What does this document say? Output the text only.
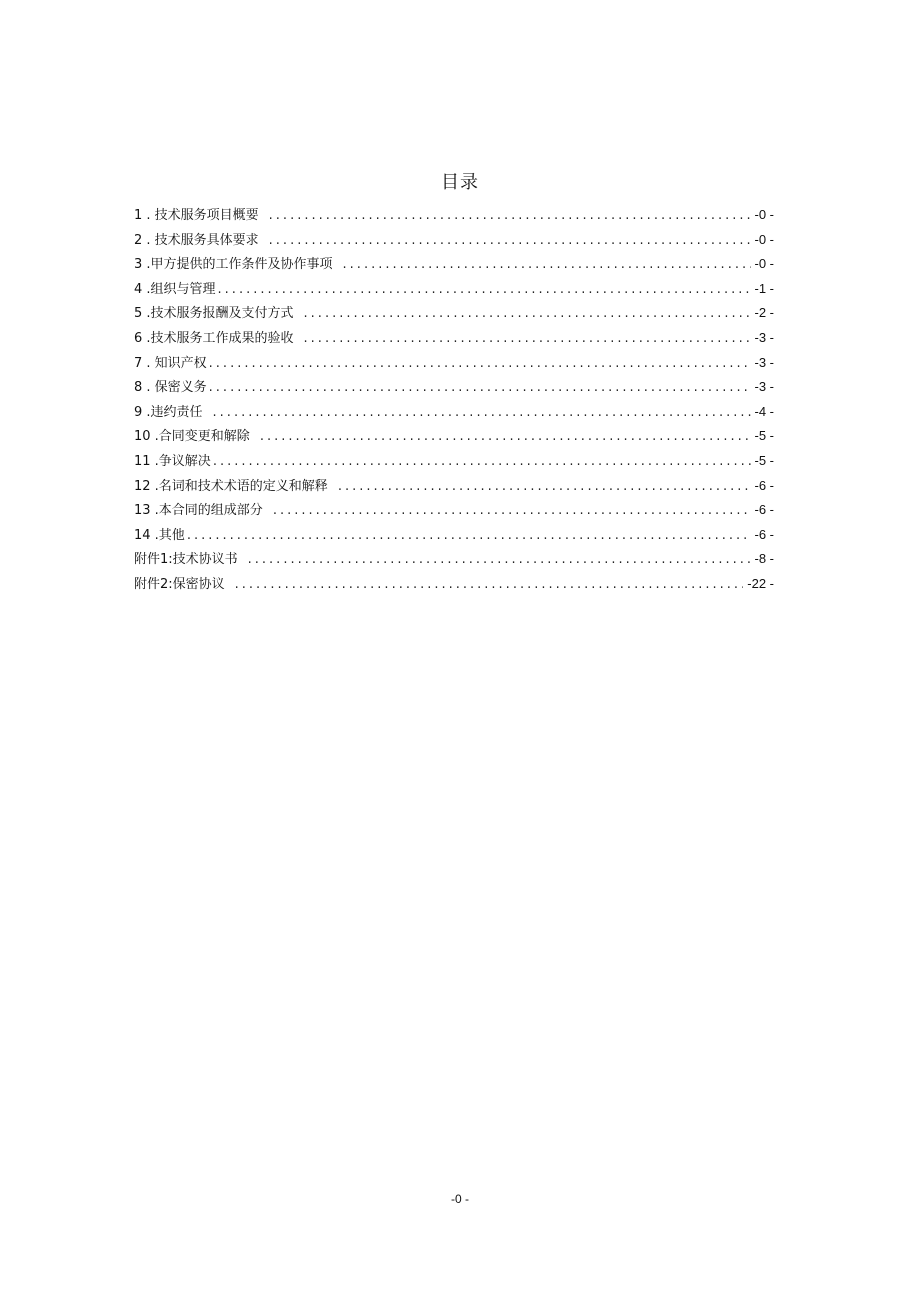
目录
1 . 技术服务项目概要 .....	-0 -
2 . 技术服务具体要求 .....	-0 -
3 .甲方提供的工作条件及协作事项 .....	-0 -
4 .组织与管理 .....	-1 -
5 .技术服务报酬及支付方式 .....	-2 -
6 .技术服务工作成果的验收 .....	-3 -
7 . 知识产权 .....	-3 -
8 . 保密义务 .....	-3 -
9 .违约责任 .....	-4 -
10 .合同变更和解除 .....	-5 -
11 .争议解决 .....	-5 -
12 .名词和技术术语的定义和解释 .....	-6 -
13 .本合同的组成部分 .....	-6 -
14 .其他 .....	-6 -
附件1:技术协议书 .....	-8 -
附件2:保密协议 .....	-22 -
-0 -
